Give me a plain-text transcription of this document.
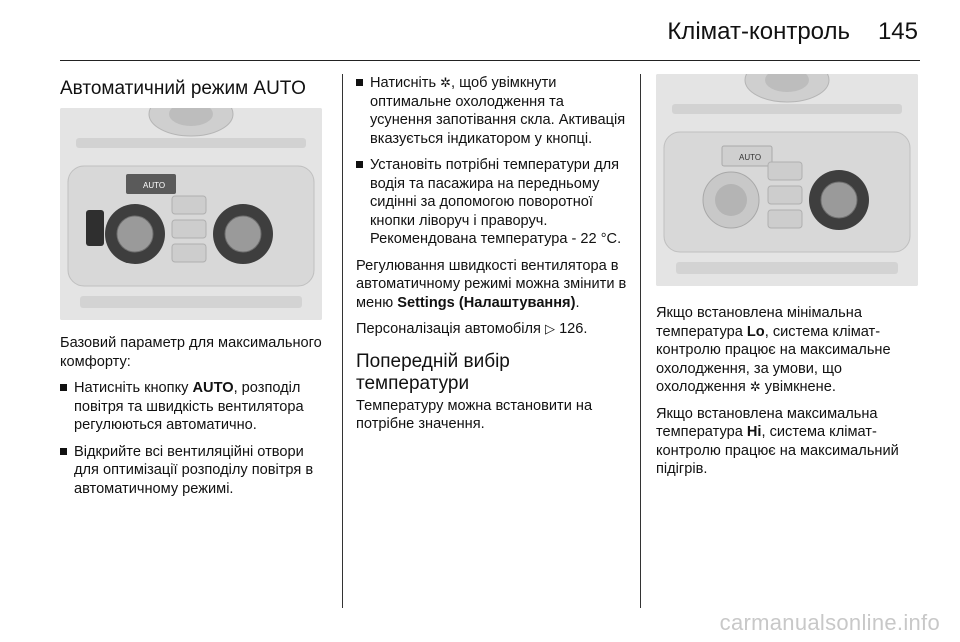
Клімат-контроль 145
Автоматичний режим AUTO
AUTO

Базовий параметр для максимального комфорту:

Натисніть кнопку AUTO, розподіл повітря та швидкість вентилятора регулюються автоматично.
Відкрийте всі вентиляційні отвори для оптимізації розподілу повітря в автоматичному режимі.
Натисніть ✲, щоб увімкнути оптимальне охолодження та усунення запотівання скла. Активація вказується індикатором у кнопці.
Установіть потрібні температури для водія та пасажира на передньому сидінні за допомогою поворотної кнопки ліворуч і праворуч. Рекомендована температура - 22 °C.

Регулювання швидкості вентилятора в автоматичному режимі можна змінити в меню Settings (Налаштування).

Персоналізація автомобіля ▷ 126.

Попередній вибір температури

Температуру можна встановити на потрібне значення.

AUTO

Якщо встановлена мінімальна температура Lo, система клімат-контролю працює на максимальне охолодження, за умови, що охолодження ✲ увімкнене.

Якщо встановлена максимальна температура Hi, система клімат-контролю працює на максимальний підігрів.

carmanualsonline.info
